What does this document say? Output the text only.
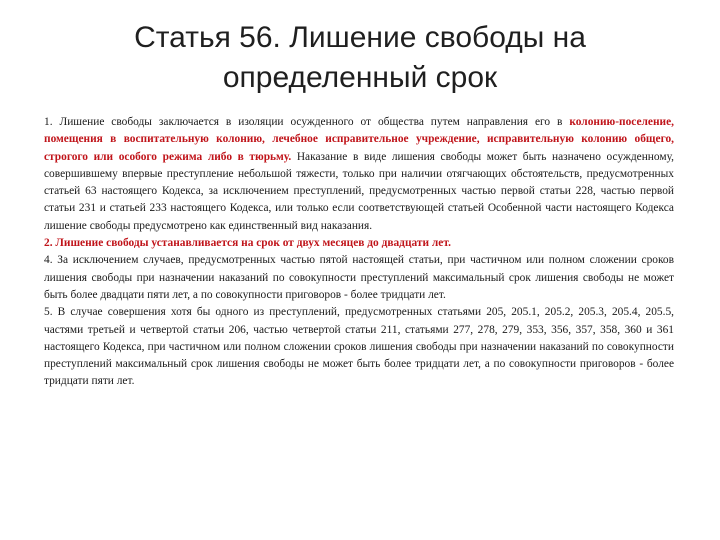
Статья 56. Лишение свободы на
определенный срок

1. Лишение свободы заключается в изоляции осужденного от общества путем направления его в колонию-поселение, помещения в воспитательную колонию, лечебное исправительное учреждение, исправительную колонию общего, строгого или особого режима либо в тюрьму. Наказание в виде лишения свободы может быть назначено осужденному, совершившему впервые преступление небольшой тяжести, только при наличии отягчающих обстоятельств, предусмотренных статьей 63 настоящего Кодекса, за исключением преступлений, предусмотренных частью первой статьи 228, частью первой статьи 231 и статьей 233 настоящего Кодекса, или только если соответствующей статьей Особенной части настоящего Кодекса лишение свободы предусмотрено как единственный вид наказания.

2. Лишение свободы устанавливается на срок от двух месяцев до двадцати лет.

4. За исключением случаев, предусмотренных частью пятой настоящей статьи, при частичном или полном сложении сроков лишения свободы при назначении наказаний по совокупности преступлений максимальный срок лишения свободы не может быть более двадцати пяти лет, а по совокупности приговоров - более тридцати лет.

5. В случае совершения хотя бы одного из преступлений, предусмотренных статьями 205, 205.1, 205.2, 205.3, 205.4, 205.5, частями третьей и четвертой статьи 206, частью четвертой статьи 211, статьями 277, 278, 279, 353, 356, 357, 358, 360 и 361 настоящего Кодекса, при частичном или полном сложении сроков лишения свободы при назначении наказаний по совокупности преступлений максимальный срок лишения свободы не может быть более тридцати лет, а по совокупности приговоров - более тридцати пяти лет.
